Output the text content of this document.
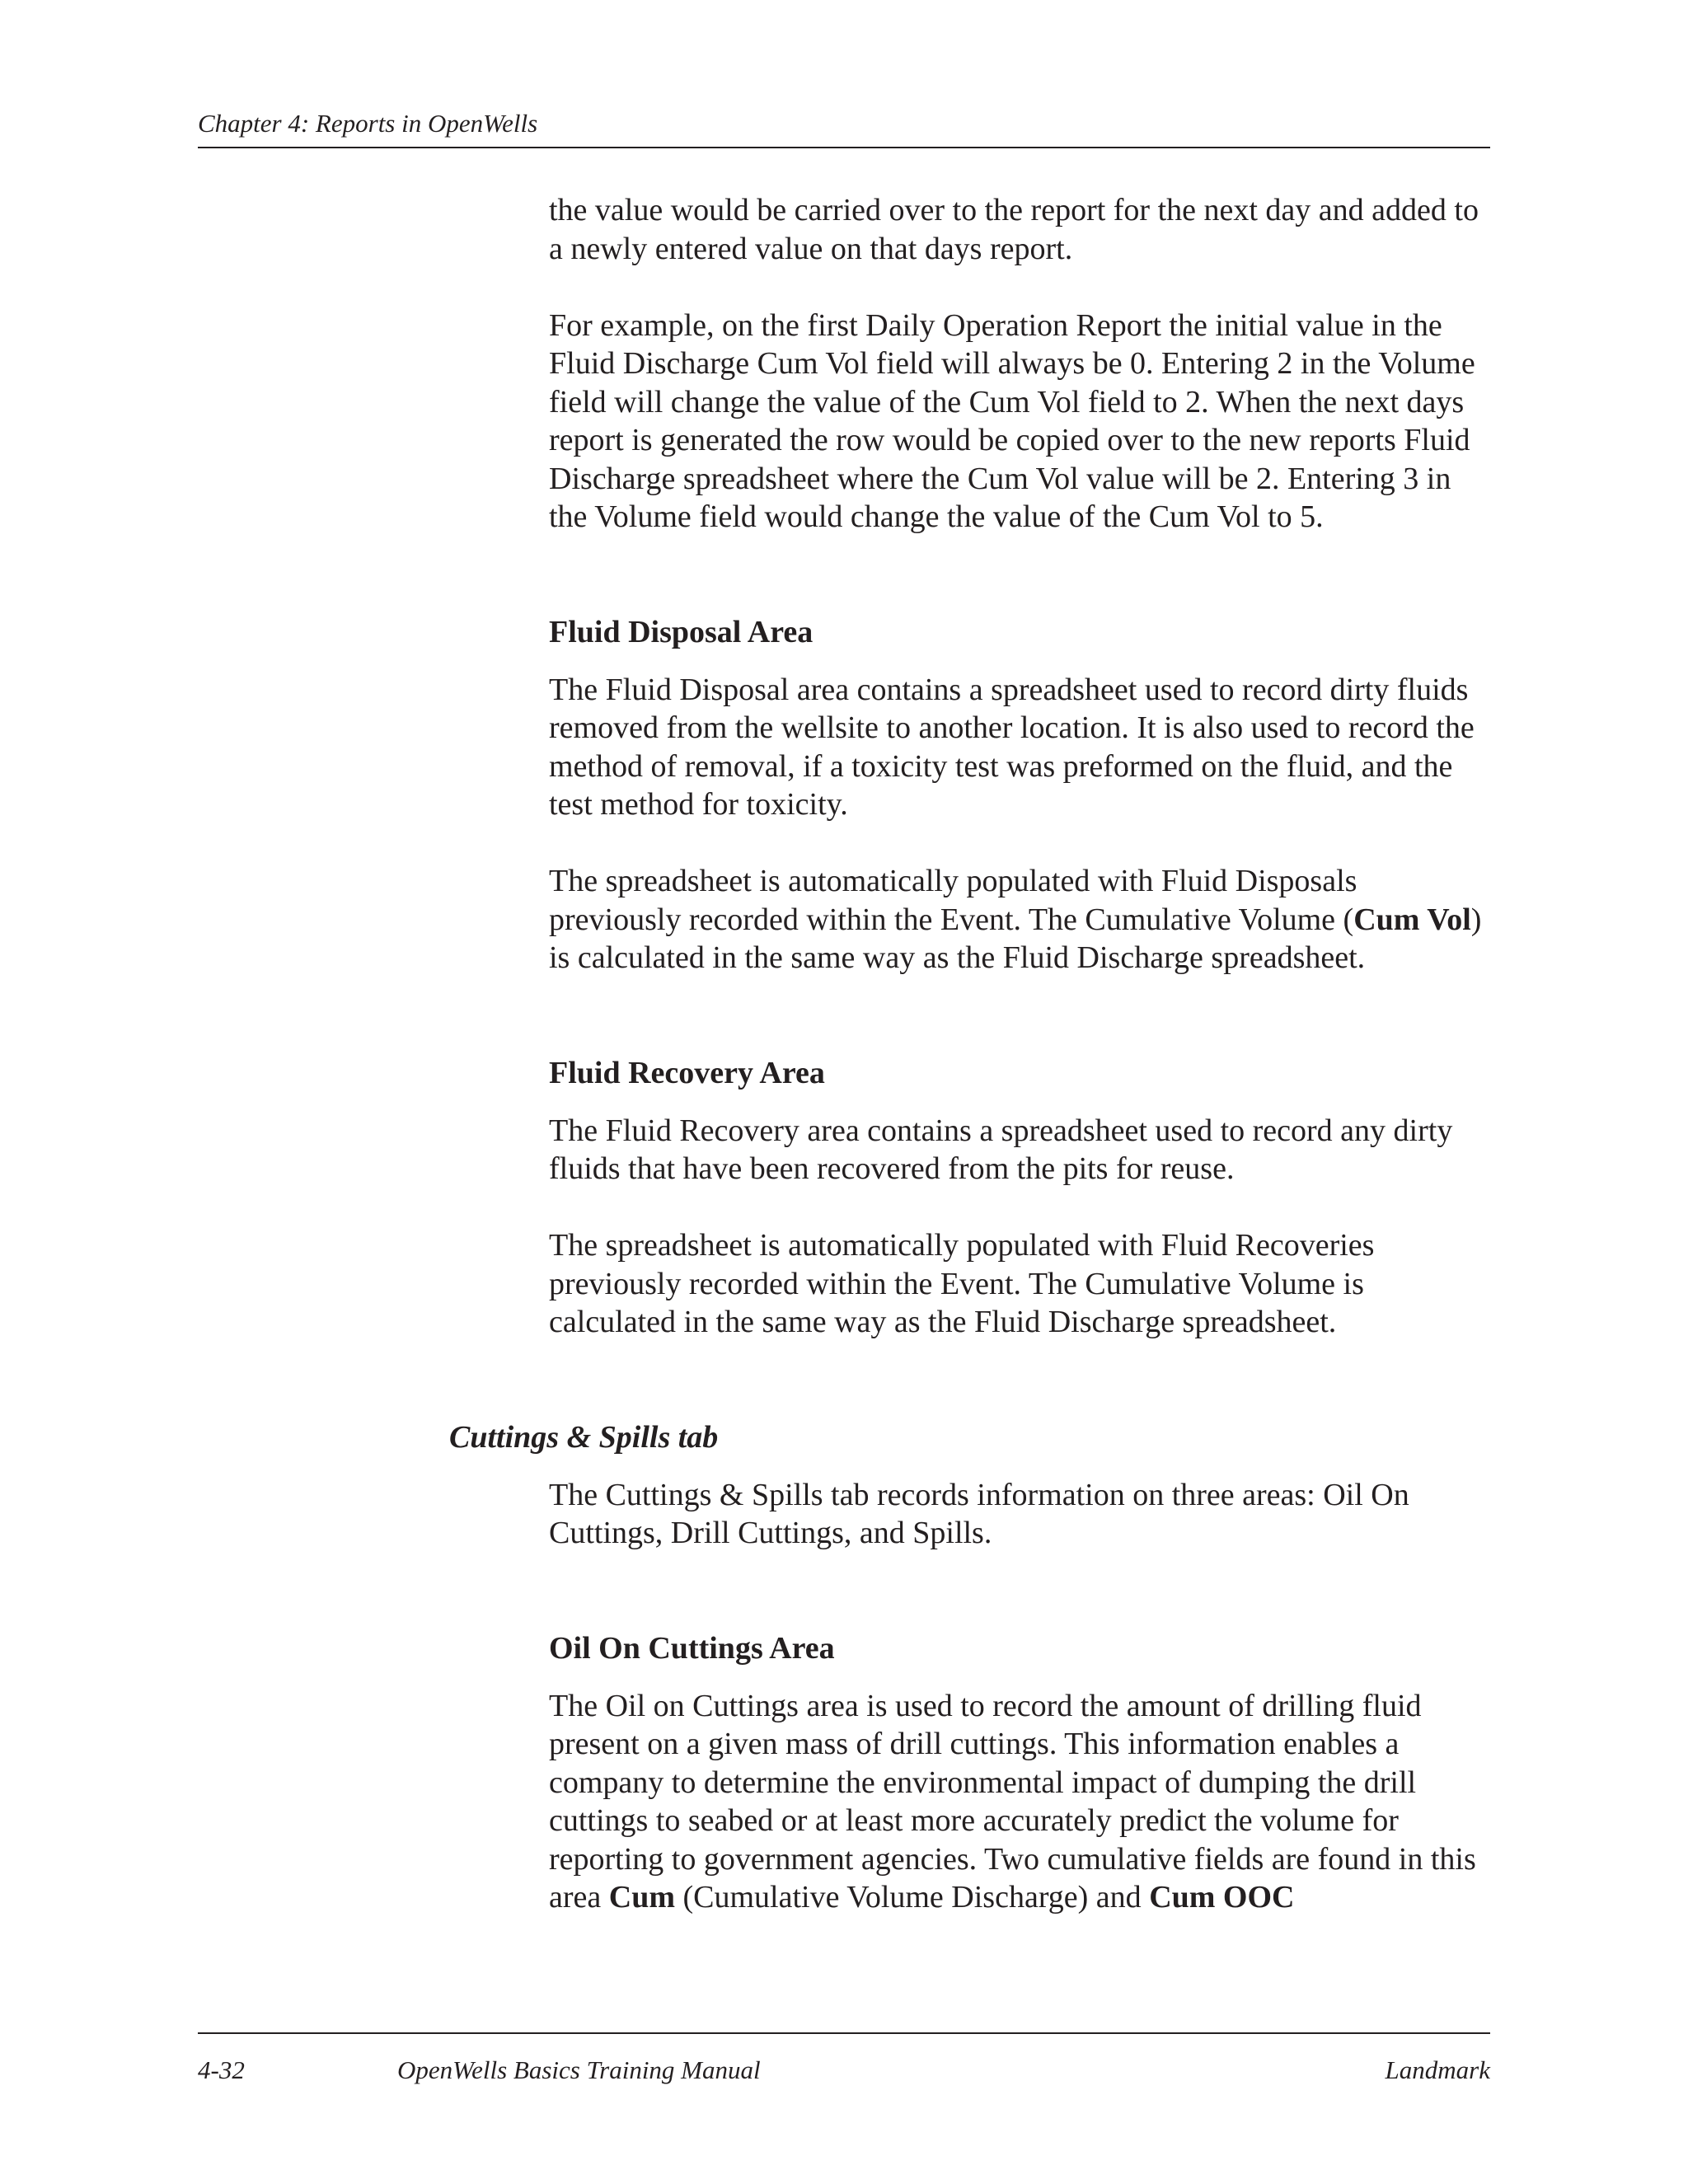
Chapter 4: Reports in OpenWells

the value would be carried over to the report for the next day and added to a newly entered value on that days report.

For example, on the first Daily Operation Report the initial value in the Fluid Discharge Cum Vol field will always be 0. Entering 2 in the Volume field will change the value of the Cum Vol field to 2. When the next days report is generated the row would be copied over to the new reports Fluid Discharge spreadsheet where the Cum Vol value will be 2. Entering 3 in the Volume field would change the value of the Cum Vol to 5.

Fluid Disposal Area

The Fluid Disposal area contains a spreadsheet used to record dirty fluids removed from the wellsite to another location. It is also used to record the method of removal, if a toxicity test was preformed on the fluid, and the test method for toxicity.

The spreadsheet is automatically populated with Fluid Disposals previously recorded within the Event. The Cumulative Volume (Cum Vol) is calculated in the same way as the Fluid Discharge spreadsheet.

Fluid Recovery Area

The Fluid Recovery area contains a spreadsheet used to record any dirty fluids that have been recovered from the pits for reuse.

The spreadsheet is automatically populated with Fluid Recoveries previously recorded within the Event. The Cumulative Volume is calculated in the same way as the Fluid Discharge spreadsheet.

Cuttings & Spills tab

The Cuttings & Spills tab records information on three areas: Oil On Cuttings, Drill Cuttings, and Spills.

Oil On Cuttings Area

The Oil on Cuttings area is used to record the amount of drilling fluid present on a given mass of drill cuttings. This information enables a company to determine the environmental impact of dumping the drill cuttings to seabed or at least more accurately predict the volume for reporting to government agencies. Two cumulative fields are found in this area Cum (Cumulative Volume Discharge) and Cum OOC

4-32	OpenWells Basics Training Manual	Landmark
